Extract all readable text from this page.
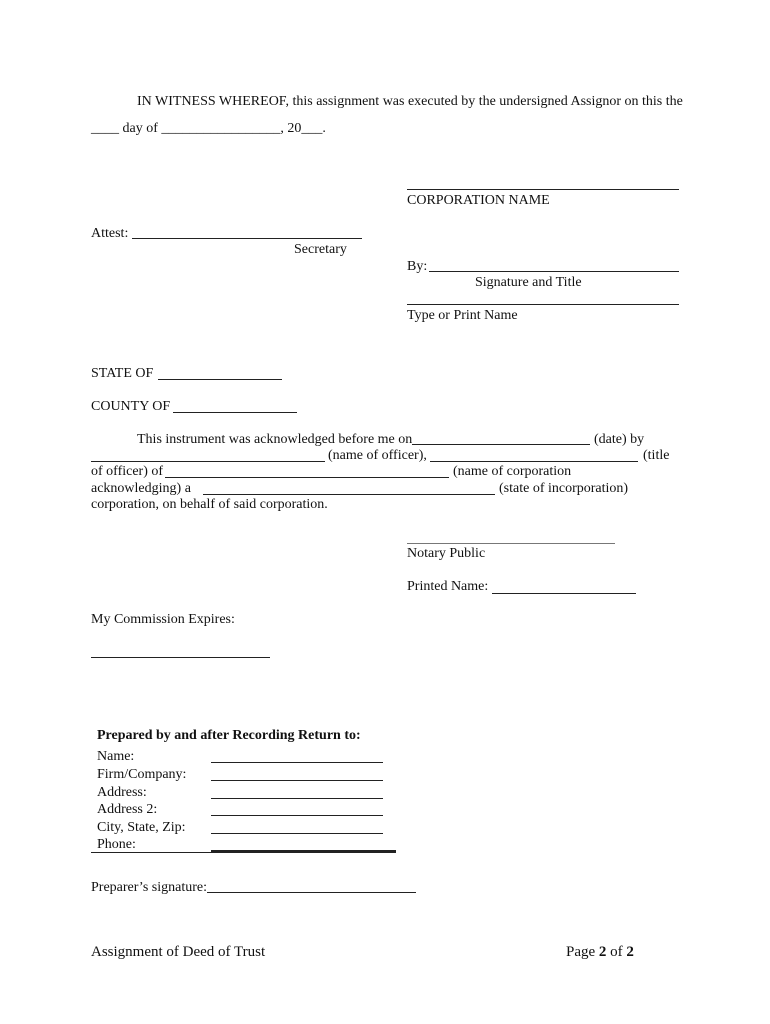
IN WITNESS WHEREOF, this assignment was executed by the undersigned Assignor on this the
____ day of _________________, 20___.
CORPORATION NAME
Attest:
Secretary
By:
Signature and Title
Type or Print Name
STATE OF
COUNTY OF
This instrument was acknowledged before me on	(date) by
(name of officer),	(title
of officer) of	(name of corporation
acknowledging) a	(state of incorporation)
corporation, on behalf of said corporation.
Notary Public
Printed Name:
My Commission Expires:
Prepared by and after Recording Return to:
Name:
Firm/Company:
Address:
Address 2:
City, State, Zip:
Phone:
Preparer’s signature:
Assignment of Deed of Trust	Page 2 of 2
